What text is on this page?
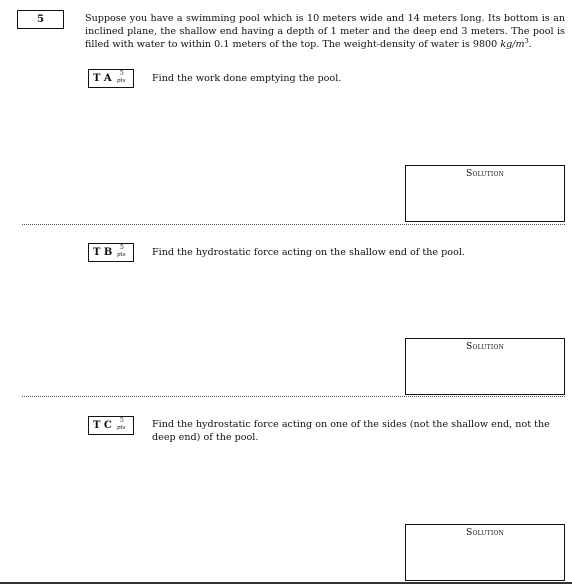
5	Suppose you have a swimming pool which is 10 meters wide and 14 meters long. Its bottom is an inclined plane, the shallow end having a depth of 1 meter and the deep end 3 meters. The pool is filled with water to within 0.1 meters of the top. The weight-density of water is 9800 $kg/m^3$.
T A 5
pts	Find the work done emptying the pool.
Solution
T B 5
pts	Find the hydrostatic force acting on the shallow end of the pool.
Solution
T C 5
pts	Find the hydrostatic force acting on one of the sides (not the shallow end, not the deep end) of the pool.
Solution
